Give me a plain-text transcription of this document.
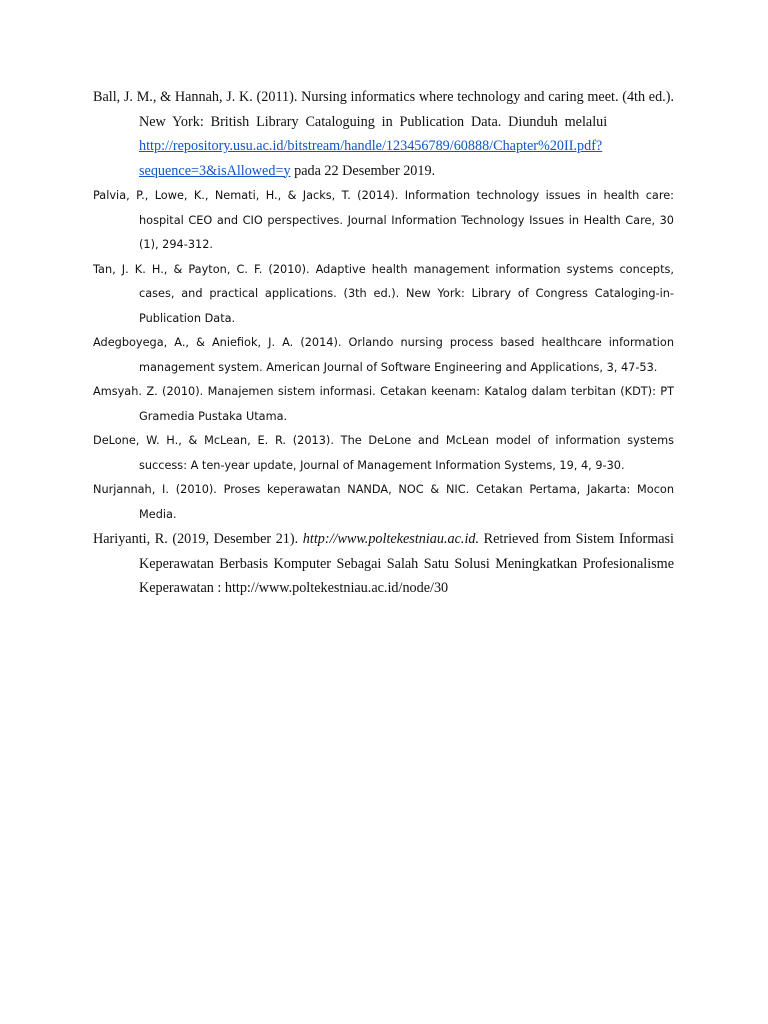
Ball, J. M., & Hannah, J. K. (2011). Nursing informatics where technology and caring meet. (4th ed.). New York: British Library Cataloguing in Publication Data. Diunduh melalui  http://repository.usu.ac.id/bitstream/handle/123456789/60888/Chapter%20II.pdf?sequence=3&isAllowed=y pada 22 Desember 2019.

Palvia, P., Lowe, K., Nemati, H., & Jacks, T. (2014). Information technology issues in health care: hospital CEO and CIO perspectives. Journal Information Technology Issues in Health Care, 30 (1), 294-312.

Tan, J. K. H., & Payton, C. F. (2010). Adaptive health management information systems concepts, cases, and practical applications. (3th ed.). New York: Library of Congress Cataloging-in-Publication Data.

Adegboyega, A., & Aniefiok, J. A. (2014). Orlando nursing process based healthcare information management system. American Journal of Software Engineering and Applications, 3, 47-53.

Amsyah. Z. (2010). Manajemen sistem informasi. Cetakan keenam: Katalog dalam terbitan (KDT): PT Gramedia Pustaka Utama.

DeLone, W. H., & McLean, E. R. (2013). The DeLone and McLean model of information systems success: A ten-year update, Journal of Management Information Systems, 19, 4, 9-30.

Nurjannah, I. (2010). Proses keperawatan NANDA, NOC & NIC. Cetakan Pertama, Jakarta: Mocon Media.

Hariyanti, R. (2019, Desember 21). http://www.poltekestniau.ac.id. Retrieved from Sistem Informasi Keperawatan Berbasis Komputer Sebagai Salah Satu Solusi Meningkatkan Profesionalisme Keperawatan : http://www.poltekestniau.ac.id/node/30
